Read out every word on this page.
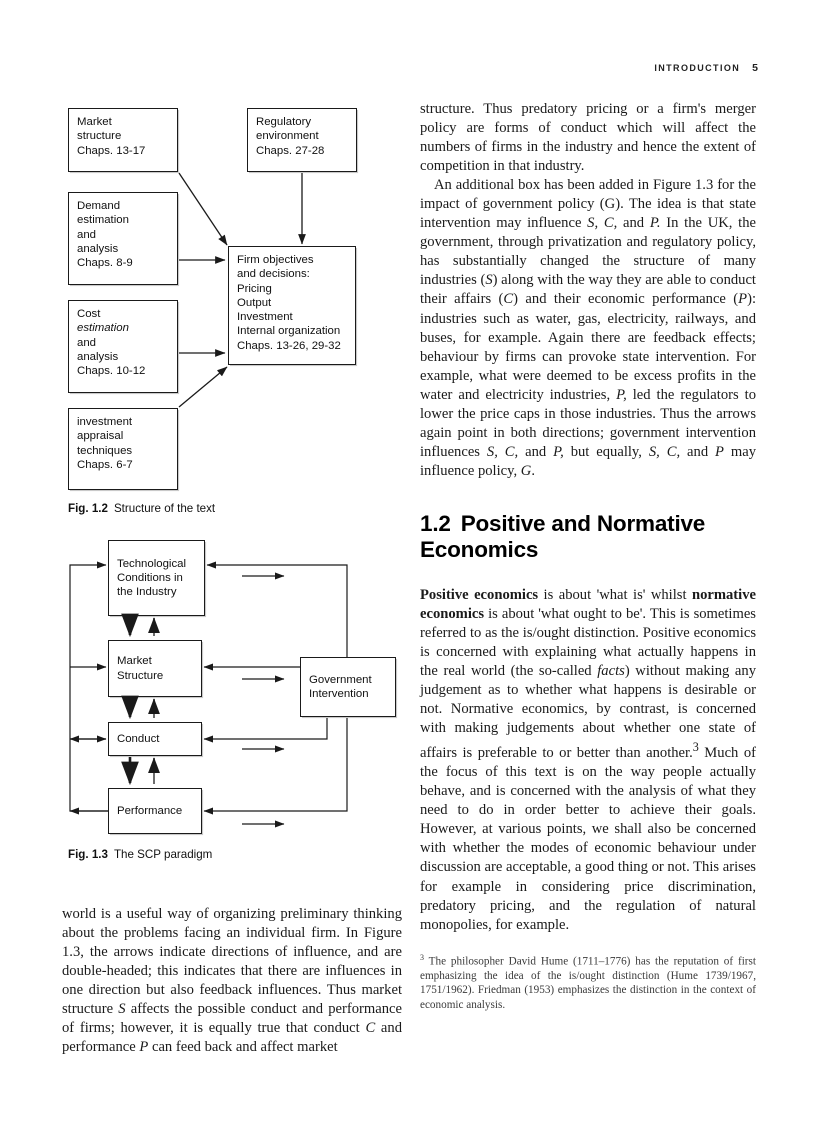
INTRODUCTION 5
Market
structure
Chaps. 13-17
Regulatory
environment
Chaps. 27-28
Demand
estimation
and
analysis
Chaps. 8-9
Cost
estimation
and
analysis
Chaps. 10-12
investment
appraisal
techniques
Chaps. 6-7
Firm objectives
and decisions:
Pricing
Output
Investment
Internal organization
Chaps. 13-26, 29-32
Fig. 1.2 Structure of the text
Technological
Conditions in
the Industry
Market
Structure
Conduct
Performance
Government
Intervention
Fig. 1.3 The SCP paradigm

world is a useful way of organizing preliminary thinking about the problems facing an individual firm. In Figure 1.3, the arrows indicate directions of influence, and are double-headed; this indicates that there are influences in one direction but also feedback influences. Thus market structure S affects the possible conduct and performance of firms; however, it is equally true that conduct C and performance P can feed back and affect market

structure. Thus predatory pricing or a firm's merger policy are forms of conduct which will affect the numbers of firms in the industry and hence the extent of competition in that industry.

An additional box has been added in Figure 1.3 for the impact of government policy (G). The idea is that state intervention may influence S, C, and P. In the UK, the government, through privatization and regulatory policy, has substantially changed the structure of many industries (S) along with the way they are able to conduct their affairs (C) and their economic performance (P): industries such as water, gas, electricity, railways, and buses, for example. Again there are feedback effects; behaviour by firms can provoke state intervention. For example, what were deemed to be excess profits in the water and electricity industries, P, led the regulators to lower the price caps in those industries. Thus the arrows again point in both directions; government intervention influences S, C, and P, but equally, S, C, and P may influence policy, G.

1.2 Positive and Normative Economics

Positive economics is about 'what is' whilst normative economics is about 'what ought to be'. This is sometimes referred to as the is/ought distinction. Positive economics is concerned with explaining what actually happens in the real world (the so-called facts) without making any judgement as to whether what happens is desirable or not. Normative economics, by contrast, is concerned with making judgements about whether one state of affairs is preferable to or better than another.$^3$ Much of the focus of this text is on the way people actually behave, and is concerned with the analysis of what they need to do in order better to achieve their goals. However, at various points, we shall also be concerned with whether the modes of economic behaviour under discussion are acceptable, a good thing or not. This arises for example in considering price discrimination, predatory pricing, and the regulation of natural monopolies, for example.

$^3$ The philosopher David Hume (1711–1776) has the reputation of first emphasizing the idea of the is/ought distinction (Hume 1739/1967, 1751/1962). Friedman (1953) emphasizes the distinction in the context of economic analysis.
